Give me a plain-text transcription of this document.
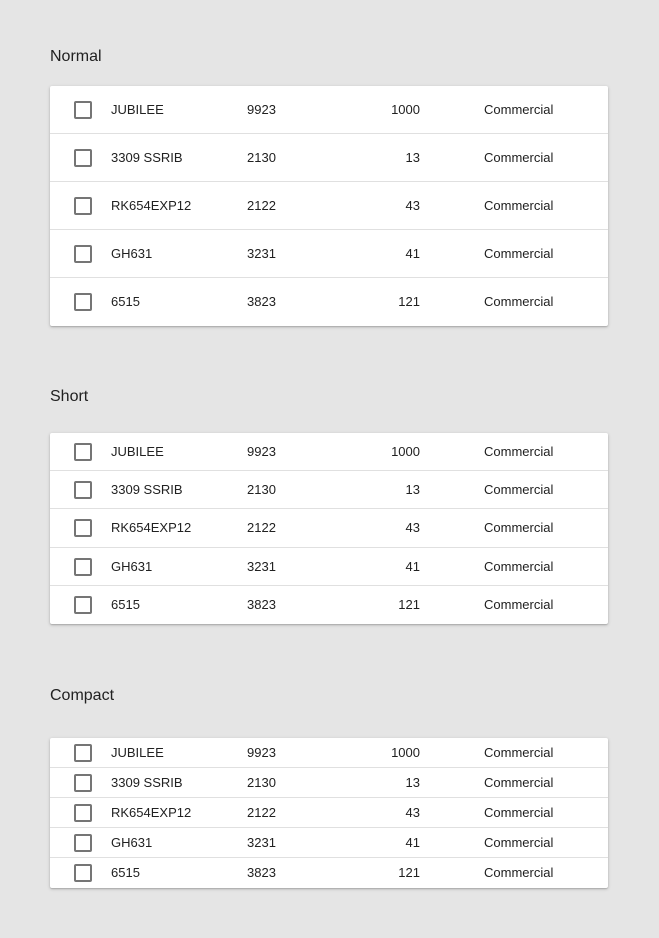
Normal
JUBILEE	9923	1000	Commercial
3309 SSRIB	2130	13	Commercial
RK654EXP12	2122	43	Commercial
GH631	3231	41	Commercial
6515	3823	121	Commercial
Short
JUBILEE	9923	1000	Commercial
3309 SSRIB	2130	13	Commercial
RK654EXP12	2122	43	Commercial
GH631	3231	41	Commercial
6515	3823	121	Commercial
Compact
JUBILEE	9923	1000	Commercial
3309 SSRIB	2130	13	Commercial
RK654EXP12	2122	43	Commercial
GH631	3231	41	Commercial
6515	3823	121	Commercial
